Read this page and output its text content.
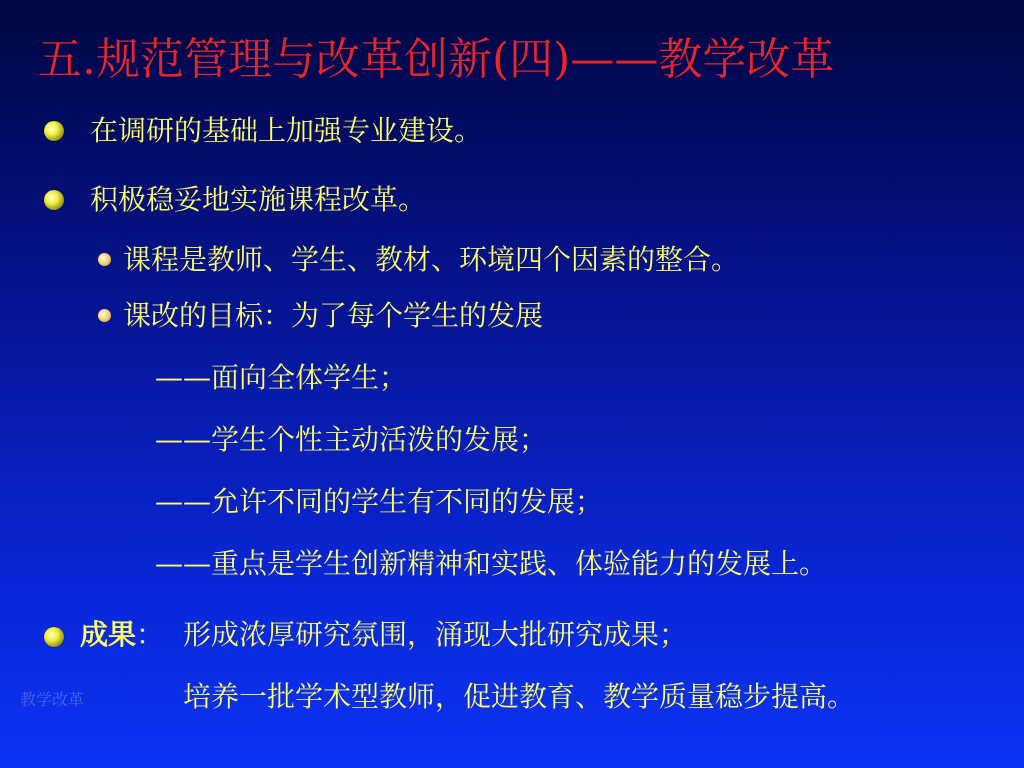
五.规范管理与改革创新(四)——教学改革
在调研的基础上加强专业建设。
积极稳妥地实施课程改革。
课程是教师、学生、教材、环境四个因素的整合。
课改的目标：为了每个学生的发展
——面向全体学生；
——学生个性主动活泼的发展；
——允许不同的学生有不同的发展；
——重点是学生创新精神和实践、体验能力的发展上。
成果： 形成浓厚研究氛围，涌现大批研究成果；
培养一批学术型教师，促进教育、教学质量稳步提高。
教学改革
